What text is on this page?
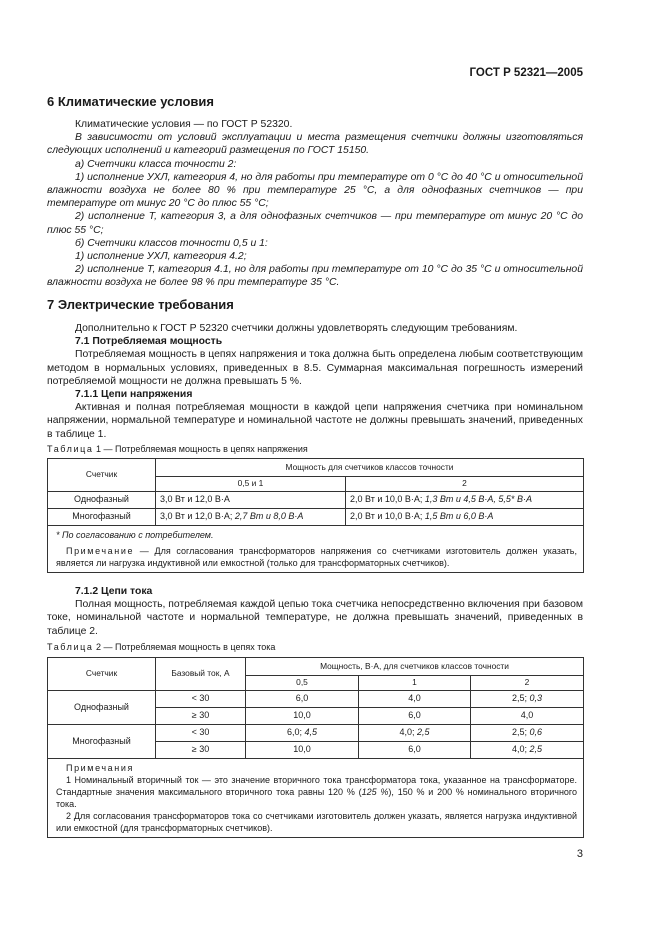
ГОСТ Р 52321—2005
6 Климатические условия

Климатические условия — по ГОСТ Р 52320.

В зависимости от условий эксплуатации и места размещения счетчики должны изготовляться следующих исполнений и категорий размещения по ГОСТ 15150.

а) Счетчики класса точности 2:

1) исполнение УХЛ, категория 4, но для работы при температуре от 0 °С до 40 °С и относительной влажности воздуха не более 80 % при температуре 25 °С, а для однофазных счетчиков — при температуре от минус 20 °С до плюс 55 °С;

2) исполнение Т, категория 3, а для однофазных счетчиков — при температуре от минус 20 °С до плюс 55 °С;

б) Счетчики классов точности 0,5 и 1:

1) исполнение УХЛ, категория 4.2;

2) исполнение Т, категория 4.1, но для работы при температуре от 10 °С до 35 °С и относительной влажности воздуха не более 98 % при температуре 35 °С.

7 Электрические требования

Дополнительно к ГОСТ Р 52320 счетчики должны удовлетворять следующим требованиям.

7.1 Потребляемая мощность

Потребляемая мощность в цепях напряжения и тока должна быть определена любым соответствующим методом в нормальных условиях, приведенных в 8.5. Суммарная максимальная погрешность измерений потребляемой мощности не должна превышать 5 %.

7.1.1 Цепи напряжения

Активная и полная потребляемая мощности в каждой цепи напряжения счетчика при номинальном напряжении, нормальной температуре и номинальной частоте не должны превышать значений, приведенных в таблице 1.

Таблица 1 — Потребляемая мощность в цепях напряжения
Счетчик	Мощность для счетчиков классов точности	
	0,5 и 1	2
Однофазный	3,0 Вт и 12,0 В·А	2,0 Вт и 10,0 В·А; 1,3 Вт и 4,5 В·А, 5,5* В·А
Многофазный	3,0 Вт и 12,0 В·А; 2,7 Вт и 8,0 В·А	2,0 Вт и 10,0 В·А; 1,5 Вт и 6,0 В·А

* По согласованию с потребителем.
Примечание — Для согласования трансформаторов напряжения со счетчиками изготовитель должен указать, является ли нагрузка индуктивной или емкостной (только для трансформаторных счетчиков).		

7.1.2 Цепи тока

Полная мощность, потребляемая каждой цепью тока счетчика непосредственно включения при базовом токе, номинальной частоте и нормальной температуре, не должна превышать значений, приведенных в таблице 2.

Таблица 2 — Потребляемая мощность в цепях тока
Счетчик	Базовый ток, А	Мощность, В·А, для счетчиков классов точности		
		0,5	1	2
Однофазный	< 30	6,0	4,0	2,5; 0,3
	≥ 30	10,0	6,0	4,0
Многофазный	< 30	6,0; 4,5	4,0; 2,5	2,5; 0,6
	≥ 30	10,0	6,0	4,0; 2,5

Примечания
1 Номинальный вторичный ток — это значение вторичного тока трансформатора тока, указанное на трансформаторе. Стандартные значения максимального вторичного тока равны 120 % (125 %), 150 % и 200 % номинального вторичного тока.
2 Для согласования трансформаторов тока со счетчиками изготовитель должен указать, является нагрузка индуктивной или емкостной (для трансформаторных счетчиков).				
3
